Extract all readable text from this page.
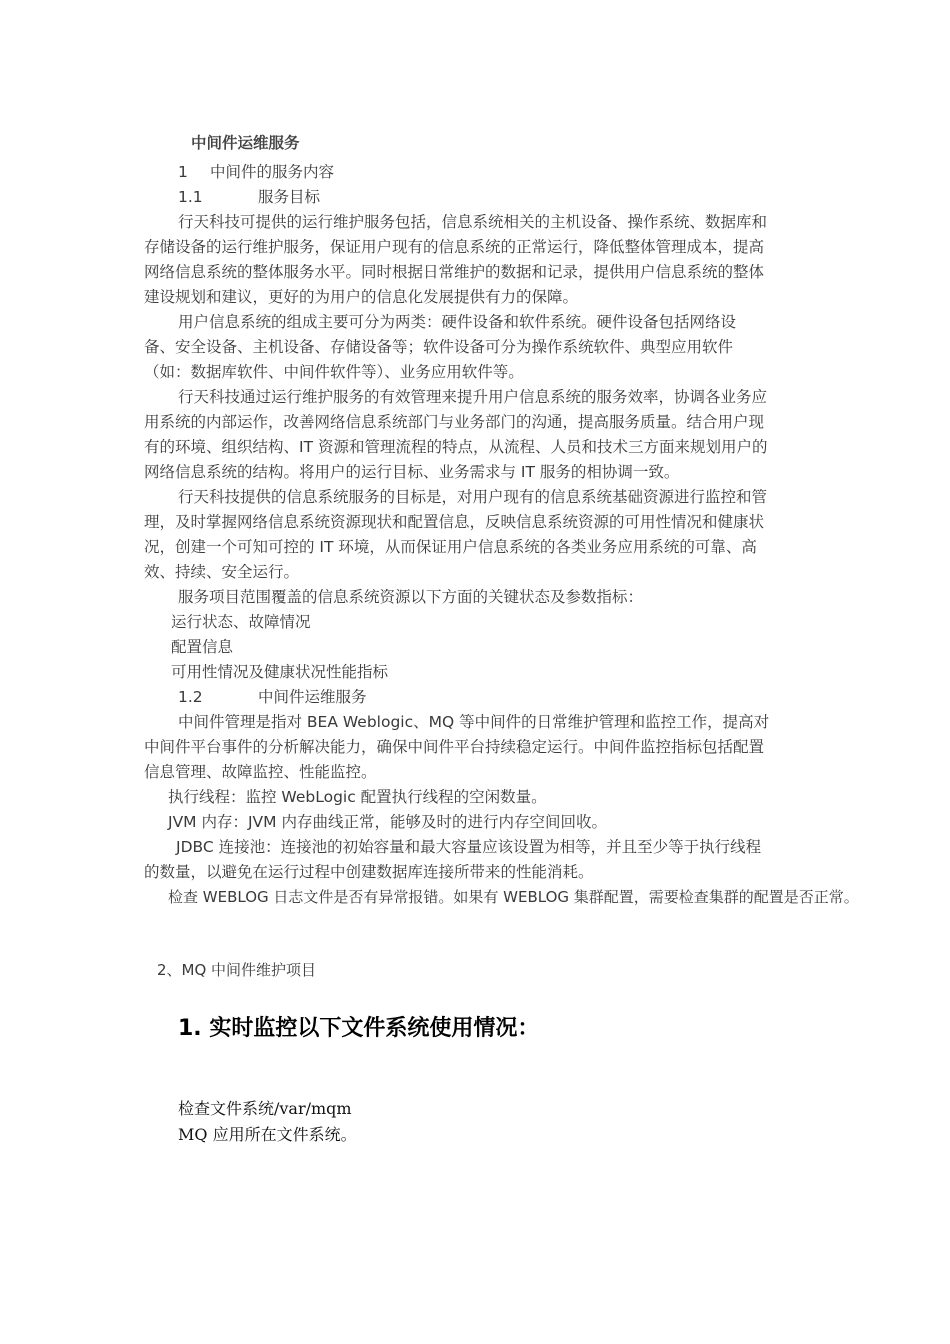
中间件运维服务
1 中间件的服务内容
1.1	服务目标
行天科技可提供的运行维护服务包括，信息系统相关的主机设备、操作系统、数据库和
存储设备的运行维护服务，保证用户现有的信息系统的正常运行，降低整体管理成本，提高
网络信息系统的整体服务水平。同时根据日常维护的数据和记录，提供用户信息系统的整体
建设规划和建议，更好的为用户的信息化发展提供有力的保障。
用户信息系统的组成主要可分为两类：硬件设备和软件系统。硬件设备包括网络设
备、安全设备、主机设备、存储设备等；软件设备可分为操作系统软件、典型应用软件
（如：数据库软件、中间件软件等）、业务应用软件等。
行天科技通过运行维护服务的有效管理来提升用户信息系统的服务效率，协调各业务应
用系统的内部运作，改善网络信息系统部门与业务部门的沟通，提高服务质量。结合用户现
有的环境、组织结构、IT 资源和管理流程的特点，从流程、人员和技术三方面来规划用户的
网络信息系统的结构。将用户的运行目标、业务需求与 IT 服务的相协调一致。
行天科技提供的信息系统服务的目标是，对用户现有的信息系统基础资源进行监控和管
理，及时掌握网络信息系统资源现状和配置信息，反映信息系统资源的可用性情况和健康状
况，创建一个可知可控的 IT 环境，从而保证用户信息系统的各类业务应用系统的可靠、高
效、持续、安全运行。
服务项目范围覆盖的信息系统资源以下方面的关键状态及参数指标：
运行状态、故障情况
配置信息
可用性情况及健康状况性能指标
1.2	中间件运维服务
中间件管理是指对 BEA Weblogic、MQ 等中间件的日常维护管理和监控工作，提高对
中间件平台事件的分析解决能力，确保中间件平台持续稳定运行。中间件监控指标包括配置
信息管理、故障监控、性能监控。
执行线程：监控 WebLogic 配置执行线程的空闲数量。
JVM 内存：JVM 内存曲线正常，能够及时的进行内存空间回收。
JDBC 连接池：连接池的初始容量和最大容量应该设置为相等，并且至少等于执行线程
的数量，以避免在运行过程中创建数据库连接所带来的性能消耗。
检查 WEBLOG 日志文件是否有异常报错。如果有 WEBLOG 集群配置，需要检查集群的配置是否正常。
2、MQ 中间件维护项目
1. 实时监控以下文件系统使用情况：
检查文件系统/var/mqm
MQ 应用所在文件系统。
